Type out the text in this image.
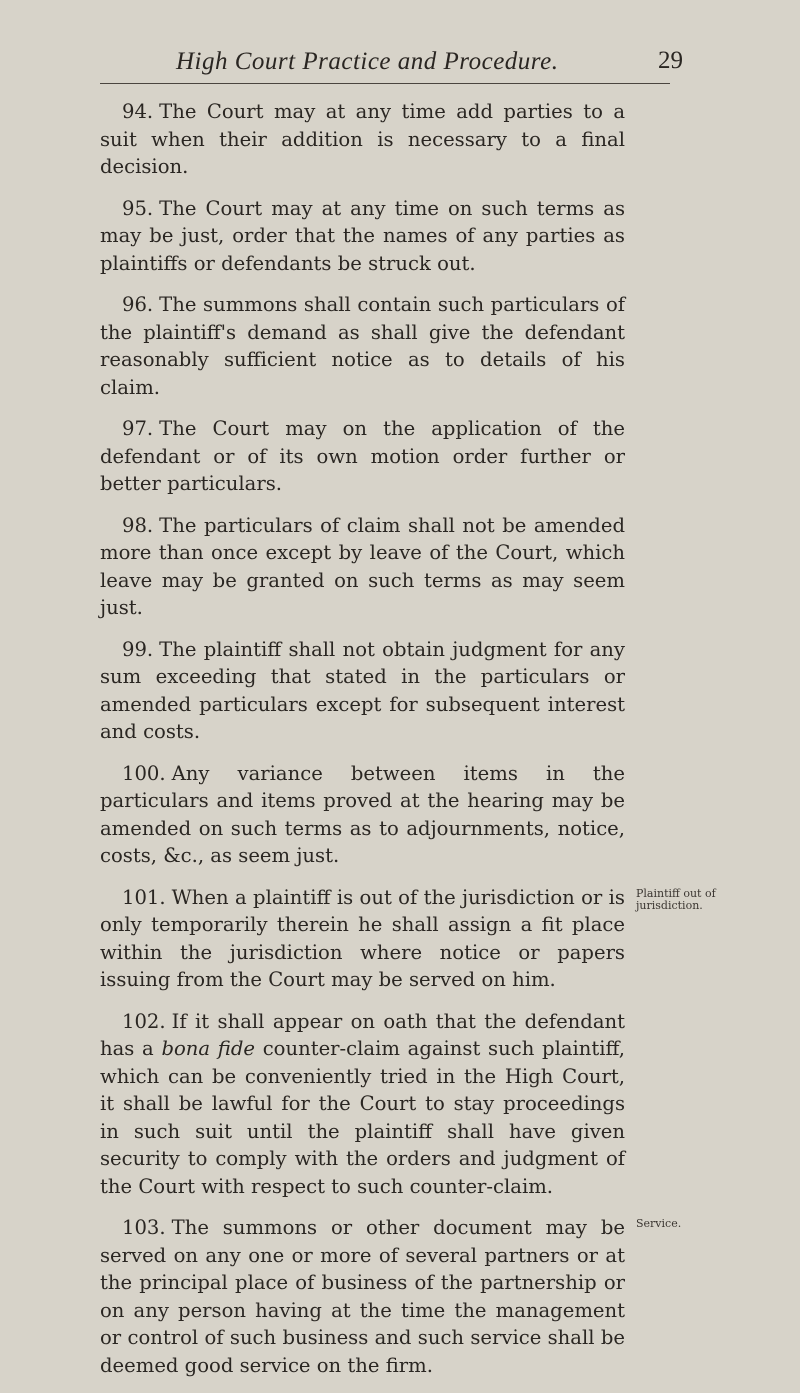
High Court Practice and Procedure.	29

94. The Court may at any time add parties to a suit when their addition is necessary to a final decision.

95. The Court may at any time on such terms as may be just, order that the names of any parties as plaintiffs or defendants be struck out.

96. The summons shall contain such particulars of the plaintiff's demand as shall give the defendant reasonably sufficient notice as to details of his claim.

97. The Court may on the application of the defendant or of its own motion order further or better particulars.

98. The particulars of claim shall not be amended more than once except by leave of the Court, which leave may be granted on such terms as may seem just.

99. The plaintiff shall not obtain judgment for any sum exceeding that stated in the particulars or amended particulars except for subsequent interest and costs.

100. Any variance between items in the particulars and items proved at the hearing may be amended on such terms as to adjournments, notice, costs, &c., as seem just.

101. When a plaintiff is out of the jurisdiction or is only temporarily therein he shall assign a fit place within the jurisdiction where notice or papers issuing from the Court may be served on him.

102. If it shall appear on oath that the defendant has a bona fide counter-claim against such plaintiff, which can be conveniently tried in the High Court, it shall be lawful for the Court to stay proceedings in such suit until the plaintiff shall have given security to comply with the orders and judgment of the Court with respect to such counter-claim.

103. The summons or other document may be served on any one or more of several partners or at the principal place of business of the partnership or on any person having at the time the management or control of such business and such service shall be deemed good service on the firm.

Plaintiff out of jurisdiction.
Service.
